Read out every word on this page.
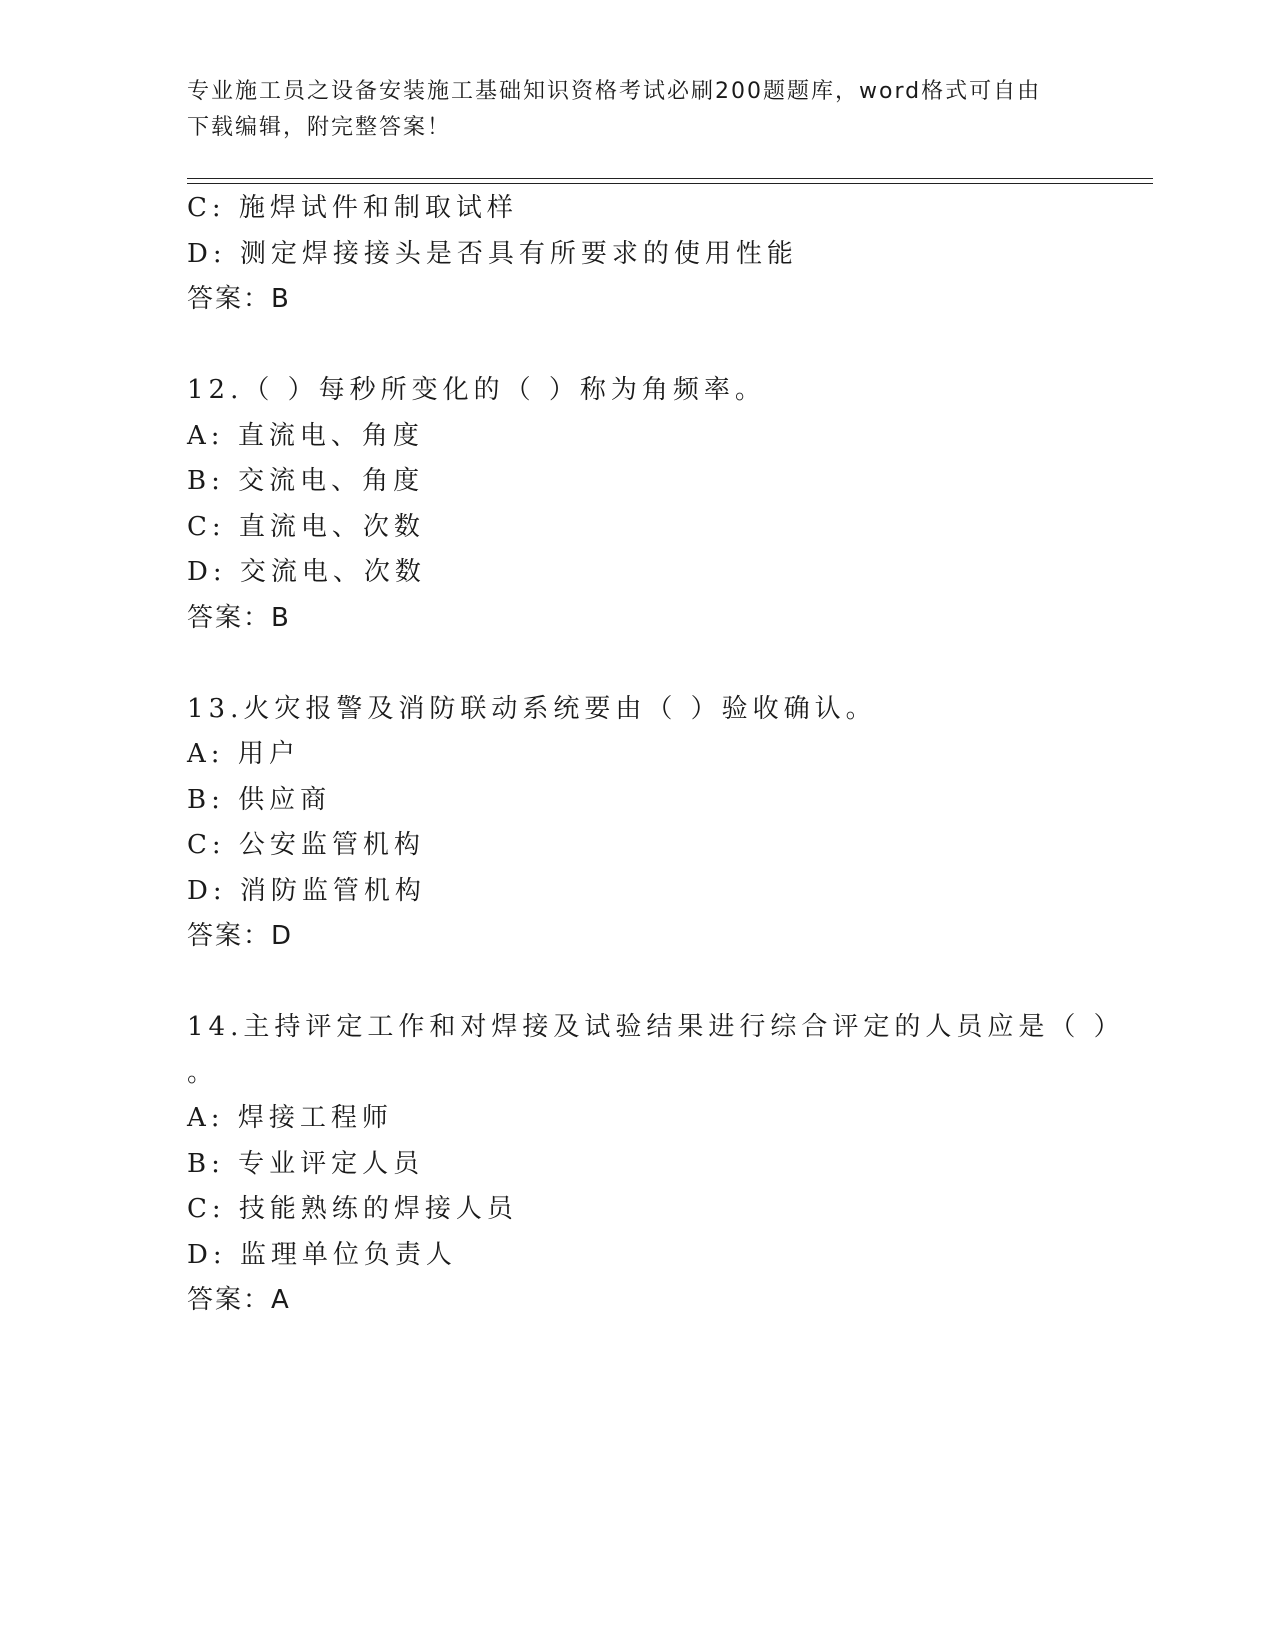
专业施工员之设备安装施工基础知识资格考试必刷200题题库，word格式可自由
下载编辑，附完整答案！
C: 施焊试件和制取试样
D: 测定焊接接头是否具有所要求的使用性能
答案：B
12.（ ）每秒所变化的（ ）称为角频率。
A: 直流电、角度
B: 交流电、角度
C: 直流电、次数
D: 交流电、次数
答案：B
13.火灾报警及消防联动系统要由（ ）验收确认。
A: 用户
B: 供应商
C: 公安监管机构
D: 消防监管机构
答案：D
14.主持评定工作和对焊接及试验结果进行综合评定的人员应是（ ）
。
A: 焊接工程师
B: 专业评定人员
C: 技能熟练的焊接人员
D: 监理单位负责人
答案：A
